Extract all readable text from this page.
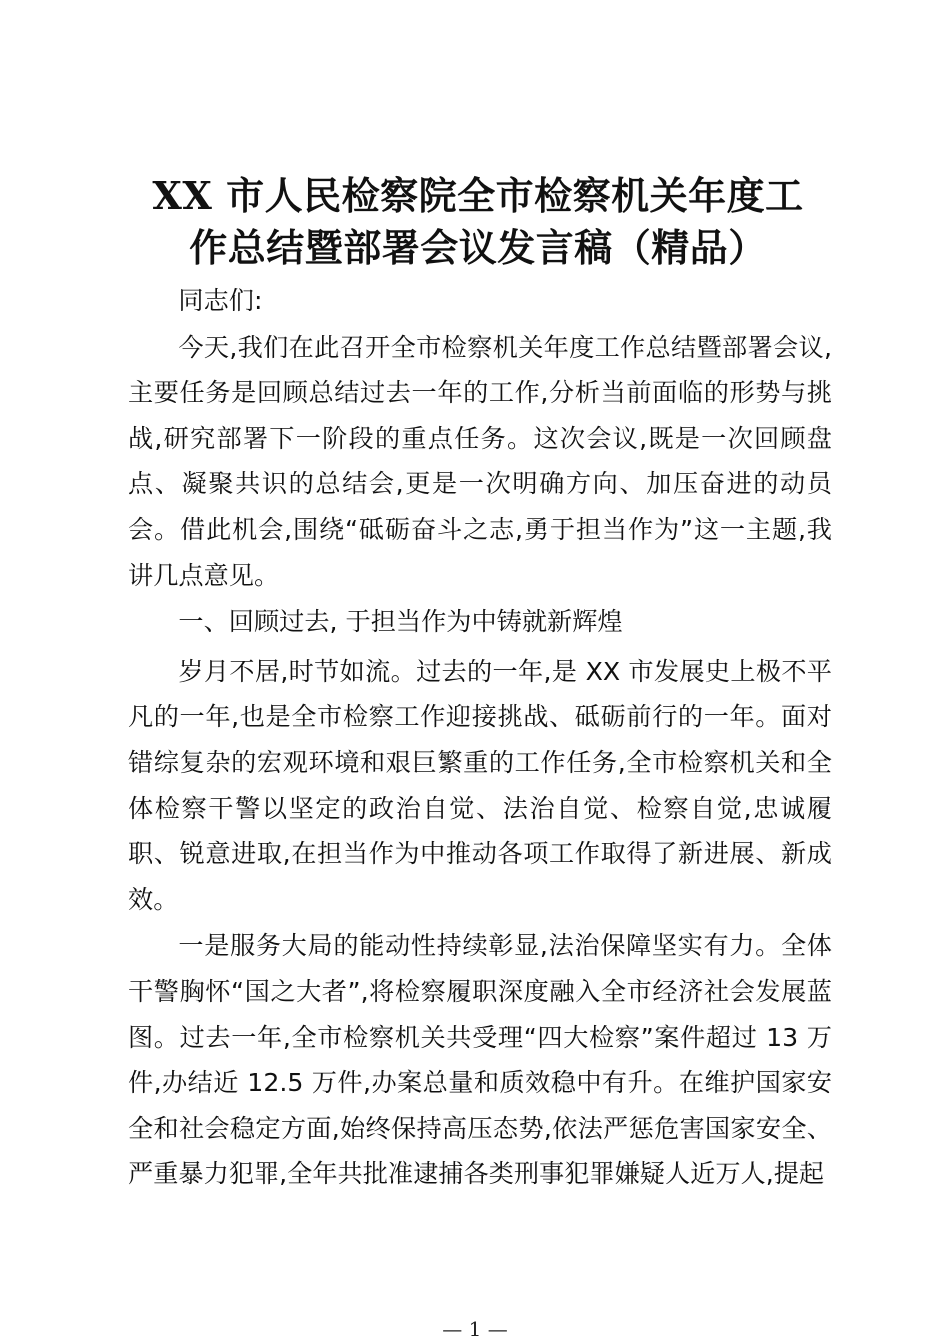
XX 市人民检察院全市检察机关年度工
作总结暨部署会议发言稿（精品）

同志们:

今天,我们在此召开全市检察机关年度工作总结暨部署会议,主要任务是回顾总结过去一年的工作,分析当前面临的形势与挑战,研究部署下一阶段的重点任务。这次会议,既是一次回顾盘点、凝聚共识的总结会,更是一次明确方向、加压奋进的动员会。借此机会,围绕“砥砺奋斗之志,勇于担当作为”这一主题,我讲几点意见。

一、回顾过去, 于担当作为中铸就新辉煌

岁月不居,时节如流。过去的一年,是 XX 市发展史上极不平凡的一年,也是全市检察工作迎接挑战、砥砺前行的一年。面对错综复杂的宏观环境和艰巨繁重的工作任务,全市检察机关和全体检察干警以坚定的政治自觉、法治自觉、检察自觉,忠诚履职、锐意进取,在担当作为中推动各项工作取得了新进展、新成效。

一是服务大局的能动性持续彰显,法治保障坚实有力。全体干警胸怀“国之大者”,将检察履职深度融入全市经济社会发展蓝图。过去一年,全市检察机关共受理“四大检察”案件超过 13 万件,办结近 12.5 万件,办案总量和质效稳中有升。在维护国家安全和社会稳定方面,始终保持高压态势,依法严惩危害国家安全、严重暴力犯罪,全年共批准逮捕各类刑事犯罪嫌疑人近万人,提起

— 1 —
